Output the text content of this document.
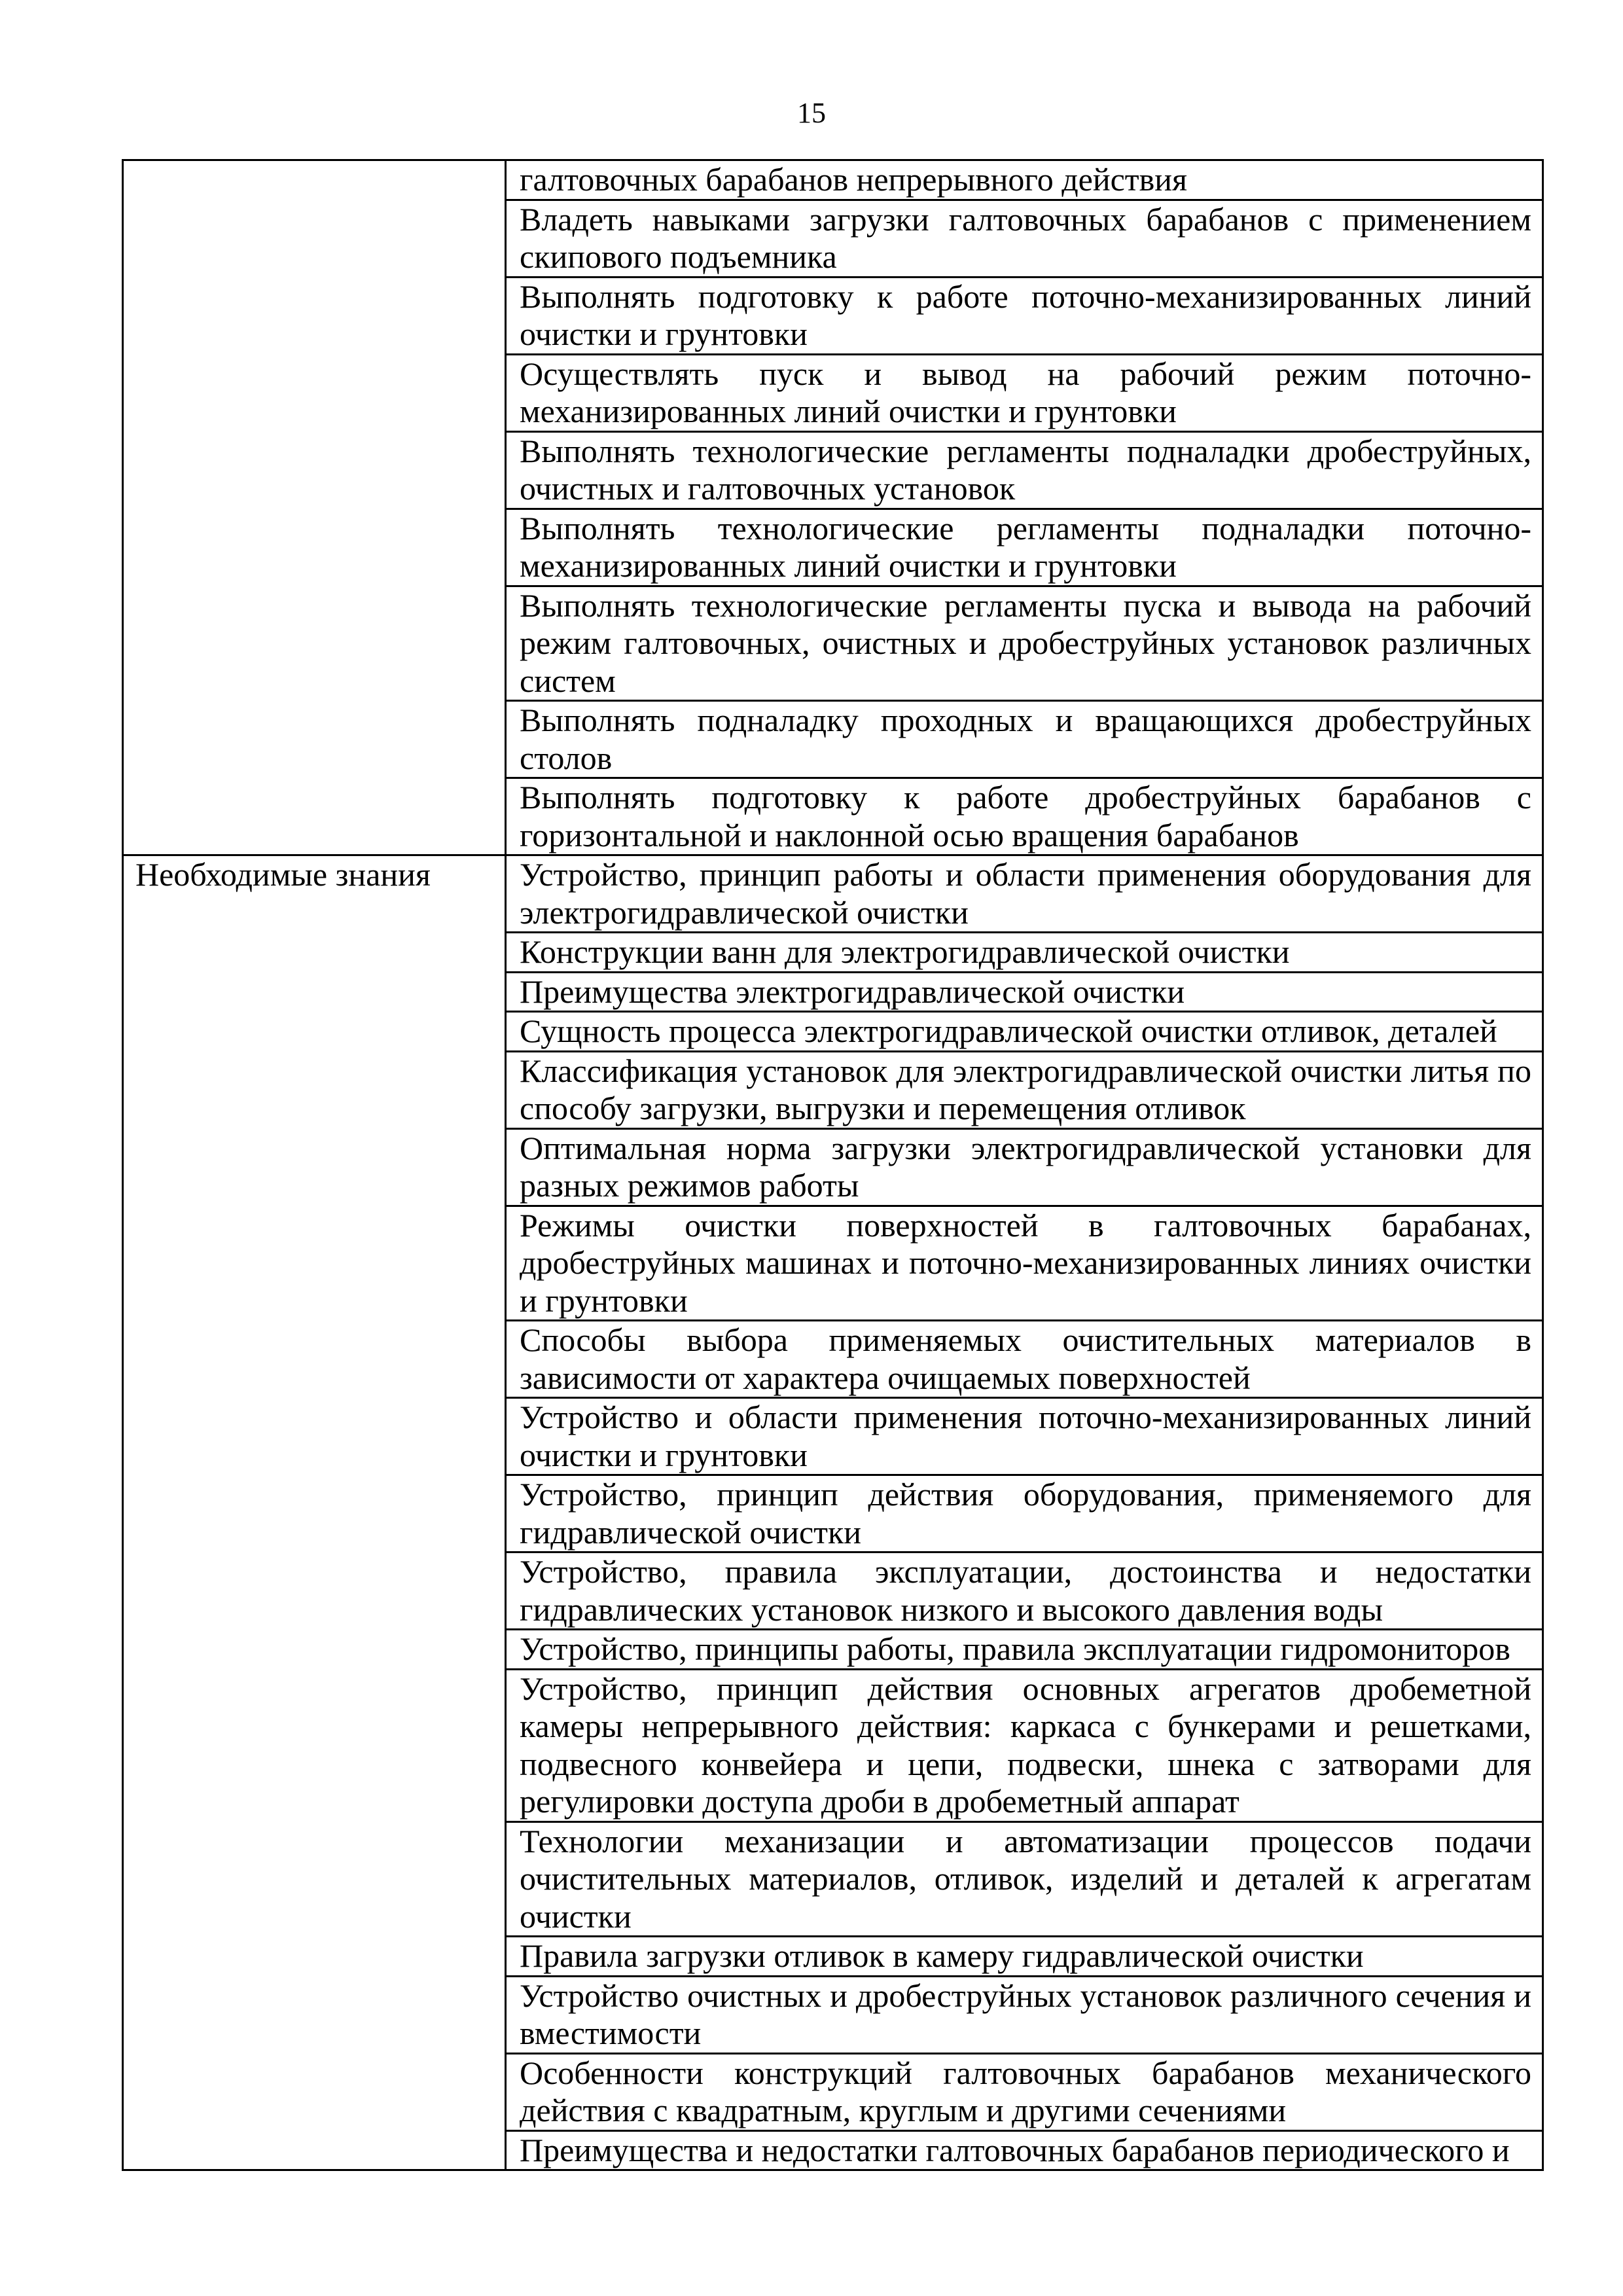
15
	галтовочных барабанов непрерывного действия
	Владеть навыками загрузки галтовочных барабанов с применением скипового подъемника
	Выполнять подготовку к работе поточно-механизированных линий очистки и грунтовки
	Осуществлять пуск и вывод на рабочий режим поточно-механизированных линий очистки и грунтовки
	Выполнять технологические регламенты подналадки дробеструйных, очистных и галтовочных установок
	Выполнять технологические регламенты подналадки поточно-механизированных линий очистки и грунтовки
	Выполнять технологические регламенты пуска и вывода на рабочий режим галтовочных, очистных и дробеструйных установок различных систем
	Выполнять подналадку проходных и вращающихся дробеструйных столов
	Выполнять подготовку к работе дробеструйных барабанов с горизонтальной и наклонной осью вращения барабанов
Необходимые знания	Устройство, принцип работы и области применения оборудования для электрогидравлической очистки
	Конструкции ванн для электрогидравлической очистки
	Преимущества электрогидравлической очистки
	Сущность процесса электрогидравлической очистки отливок, деталей
	Классификация установок для электрогидравлической очистки литья по способу загрузки, выгрузки и перемещения отливок
	Оптимальная норма загрузки электрогидравлической установки для разных режимов работы
	Режимы очистки поверхностей в галтовочных барабанах, дробеструйных машинах и поточно-механизированных линиях очистки и грунтовки
	Способы выбора применяемых очистительных материалов в зависимости от характера очищаемых поверхностей
	Устройство и области применения поточно-механизированных линий очистки и грунтовки
	Устройство, принцип действия оборудования, применяемого для гидравлической очистки
	Устройство, правила эксплуатации, достоинства и недостатки гидравлических установок низкого и высокого давления воды
	Устройство, принципы работы, правила эксплуатации гидромониторов
	Устройство, принцип действия основных агрегатов дробеметной камеры непрерывного действия: каркаса с бункерами и решетками, подвесного конвейера и цепи, подвески, шнека с затворами для регулировки доступа дроби в дробеметный аппарат
	Технологии механизации и автоматизации процессов подачи очистительных материалов, отливок, изделий и деталей к агрегатам очистки
	Правила загрузки отливок в камеру гидравлической очистки
	Устройство очистных и дробеструйных установок различного сечения и вместимости
	Особенности конструкций галтовочных барабанов механического действия с квадратным, круглым и другими сечениями
	Преимущества и недостатки галтовочных барабанов периодического и
